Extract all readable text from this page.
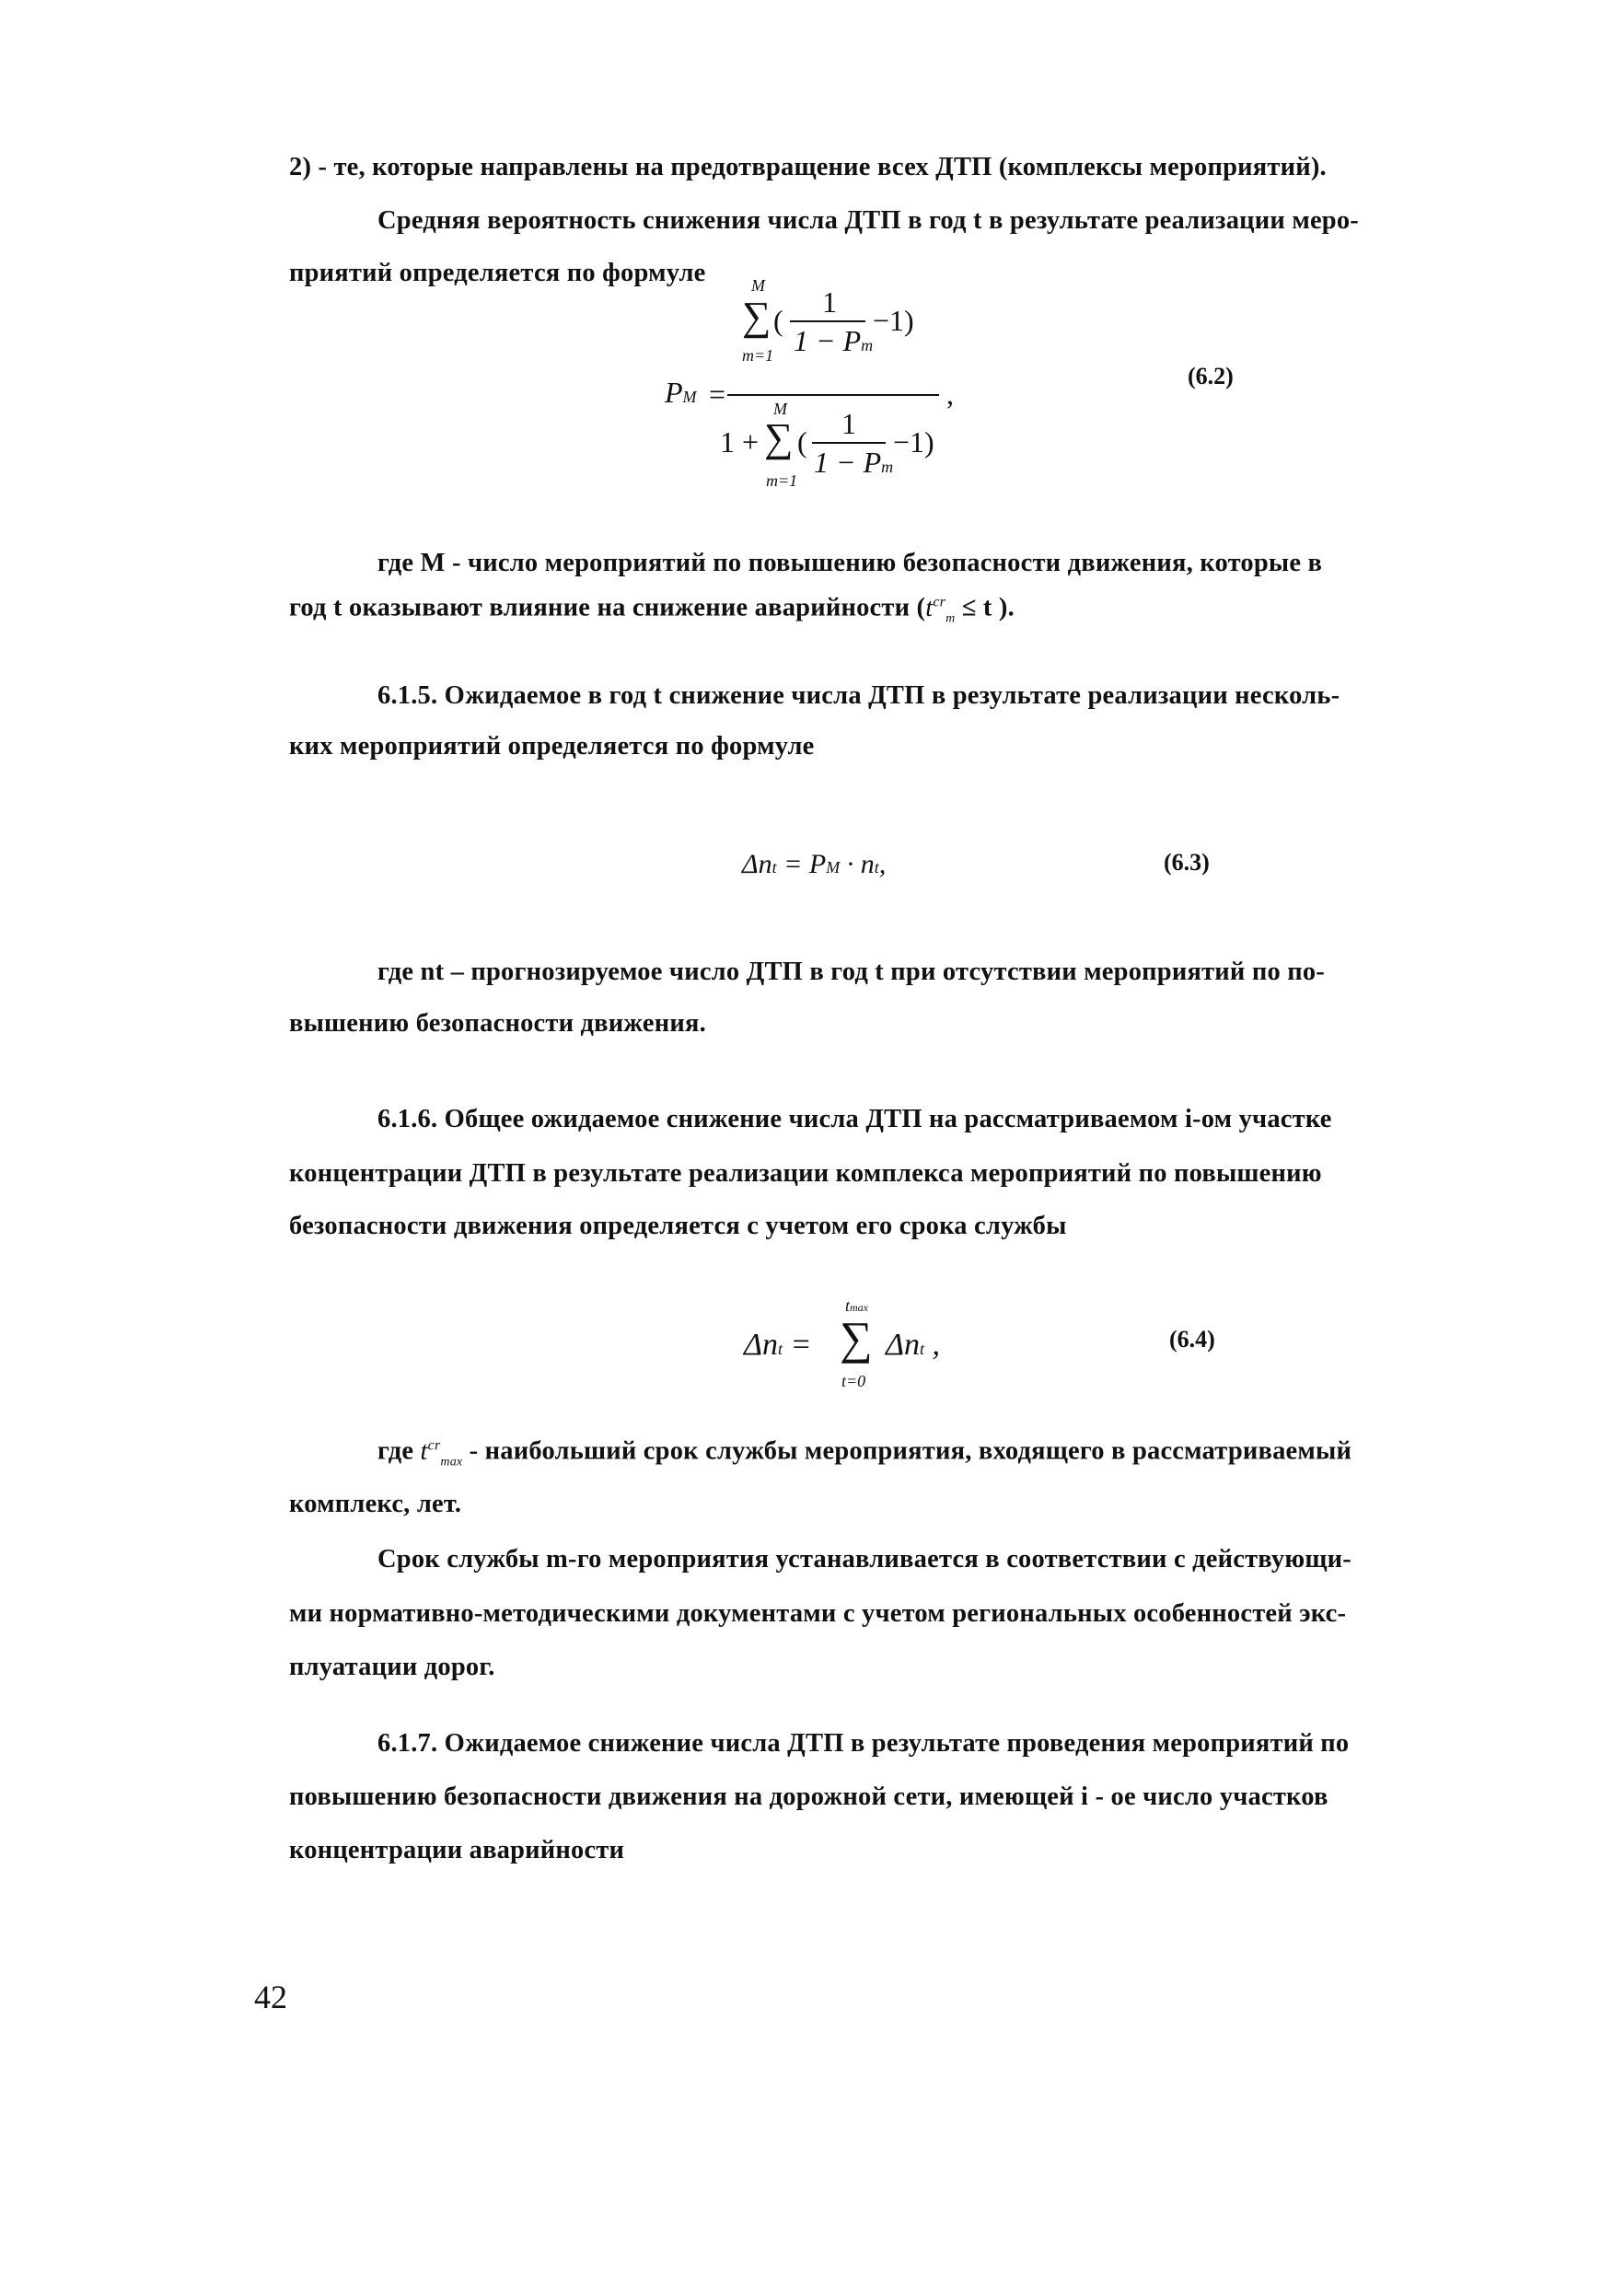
2) - те, которые направлены на предотвращение всех ДТП (комплексы мероприятий).
Средняя вероятность снижения числа ДТП в год t в результате реализации меро-
приятий определяется по формуле
PM =
M
∑ (
1
1 − Pm
−1)
m=1
,
M
1 + ∑ (
1
1 − Pm
−1)
m=1
(6.2)
где M - число мероприятий по повышению безопасности движения, которые в
год t оказывают влияние на снижение аварийности ($t^{cr}_m \le t$ ).
6.1.5. Ожидаемое в год t снижение числа ДТП в результате реализации несколь-
ких мероприятий определяется по формуле
Δnt = PM · nt,	(6.3)
где nt – прогнозируемое число ДТП в год t при отсутствии мероприятий по по-
вышению безопасности движения.
6.1.6. Общее ожидаемое снижение числа ДТП на рассматриваемом i-ом участке
концентрации ДТП в результате реализации комплекса мероприятий по повышению
безопасности движения определяется с учетом его срока службы
Δnt =
tmax
∑
t=0
Δnt ,	(6.4)
где $t^{cr}_{max}$ - наибольший срок службы мероприятия, входящего в рассматриваемый
комплекс, лет.
Срок службы m-го мероприятия устанавливается в соответствии с действующи-
ми нормативно-методическими документами с учетом региональных особенностей экс-
плуатации дорог.
6.1.7. Ожидаемое снижение числа ДТП в результате проведения мероприятий по
повышению безопасности движения на дорожной сети, имеющей i - ое число участков
концентрации аварийности
42
